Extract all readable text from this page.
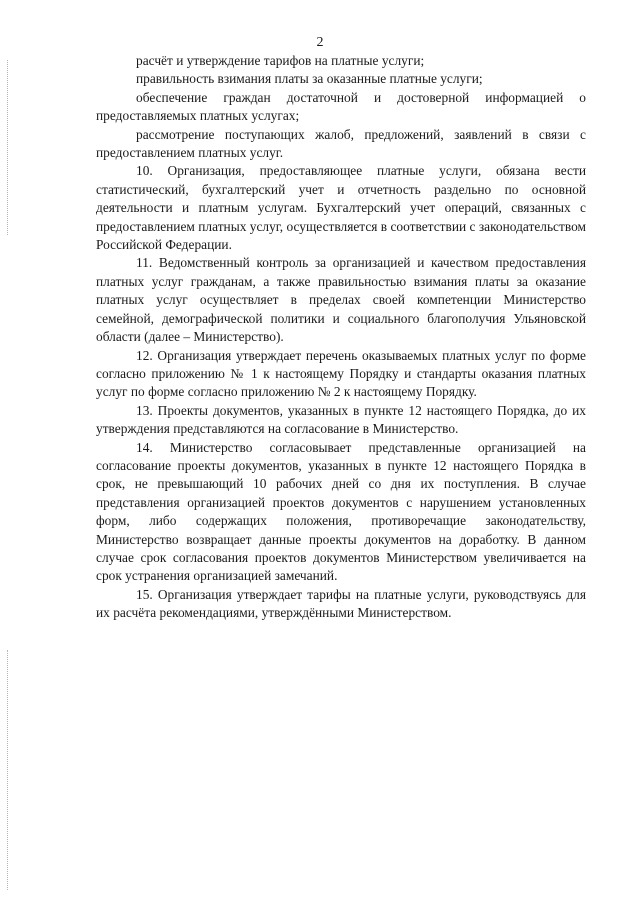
2

расчёт и утверждение тарифов на платные услуги;

правильность взимания платы за оказанные платные услуги;

обеспечение граждан достаточной и достоверной информацией о предоставляемых платных услугах;

рассмотрение поступающих жалоб, предложений, заявлений в связи с предоставлением платных услуг.

10. Организация, предоставляющее платные услуги, обязана вести статистический, бухгалтерский учет и отчетность раздельно по основной деятельности и платным услугам. Бухгалтерский учет операций, связанных с предоставлением платных услуг, осуществляется в соответствии с законодательством Российской Федерации.

11. Ведомственный контроль за организацией и качеством предоставления платных услуг гражданам, а также правильностью взимания платы за оказание платных услуг осуществляет в пределах своей компетенции Министерство семейной, демографической политики и социального благополучия Ульяновской области (далее – Министерство).

12. Организация утверждает перечень оказываемых платных услуг по форме согласно приложению № 1 к настоящему Порядку и стандарты оказания платных услуг по форме согласно приложению № 2 к настоящему Порядку.

13. Проекты документов, указанных в пункте 12 настоящего Порядка, до их утверждения представляются на согласование в Министерство.

14. Министерство согласовывает представленные организацией на согласование проекты документов, указанных в пункте 12 настоящего Порядка в срок, не превышающий 10 рабочих дней со дня их поступления. В случае представления организацией проектов документов с нарушением установленных форм, либо содержащих положения, противоречащие законодательству, Министерство возвращает данные проекты документов на доработку. В данном случае срок согласования проектов документов Министерством увеличивается на срок устранения организацией замечаний.

15. Организация утверждает тарифы на платные услуги, руководствуясь для их расчёта рекомендациями, утверждёнными Министерством.
